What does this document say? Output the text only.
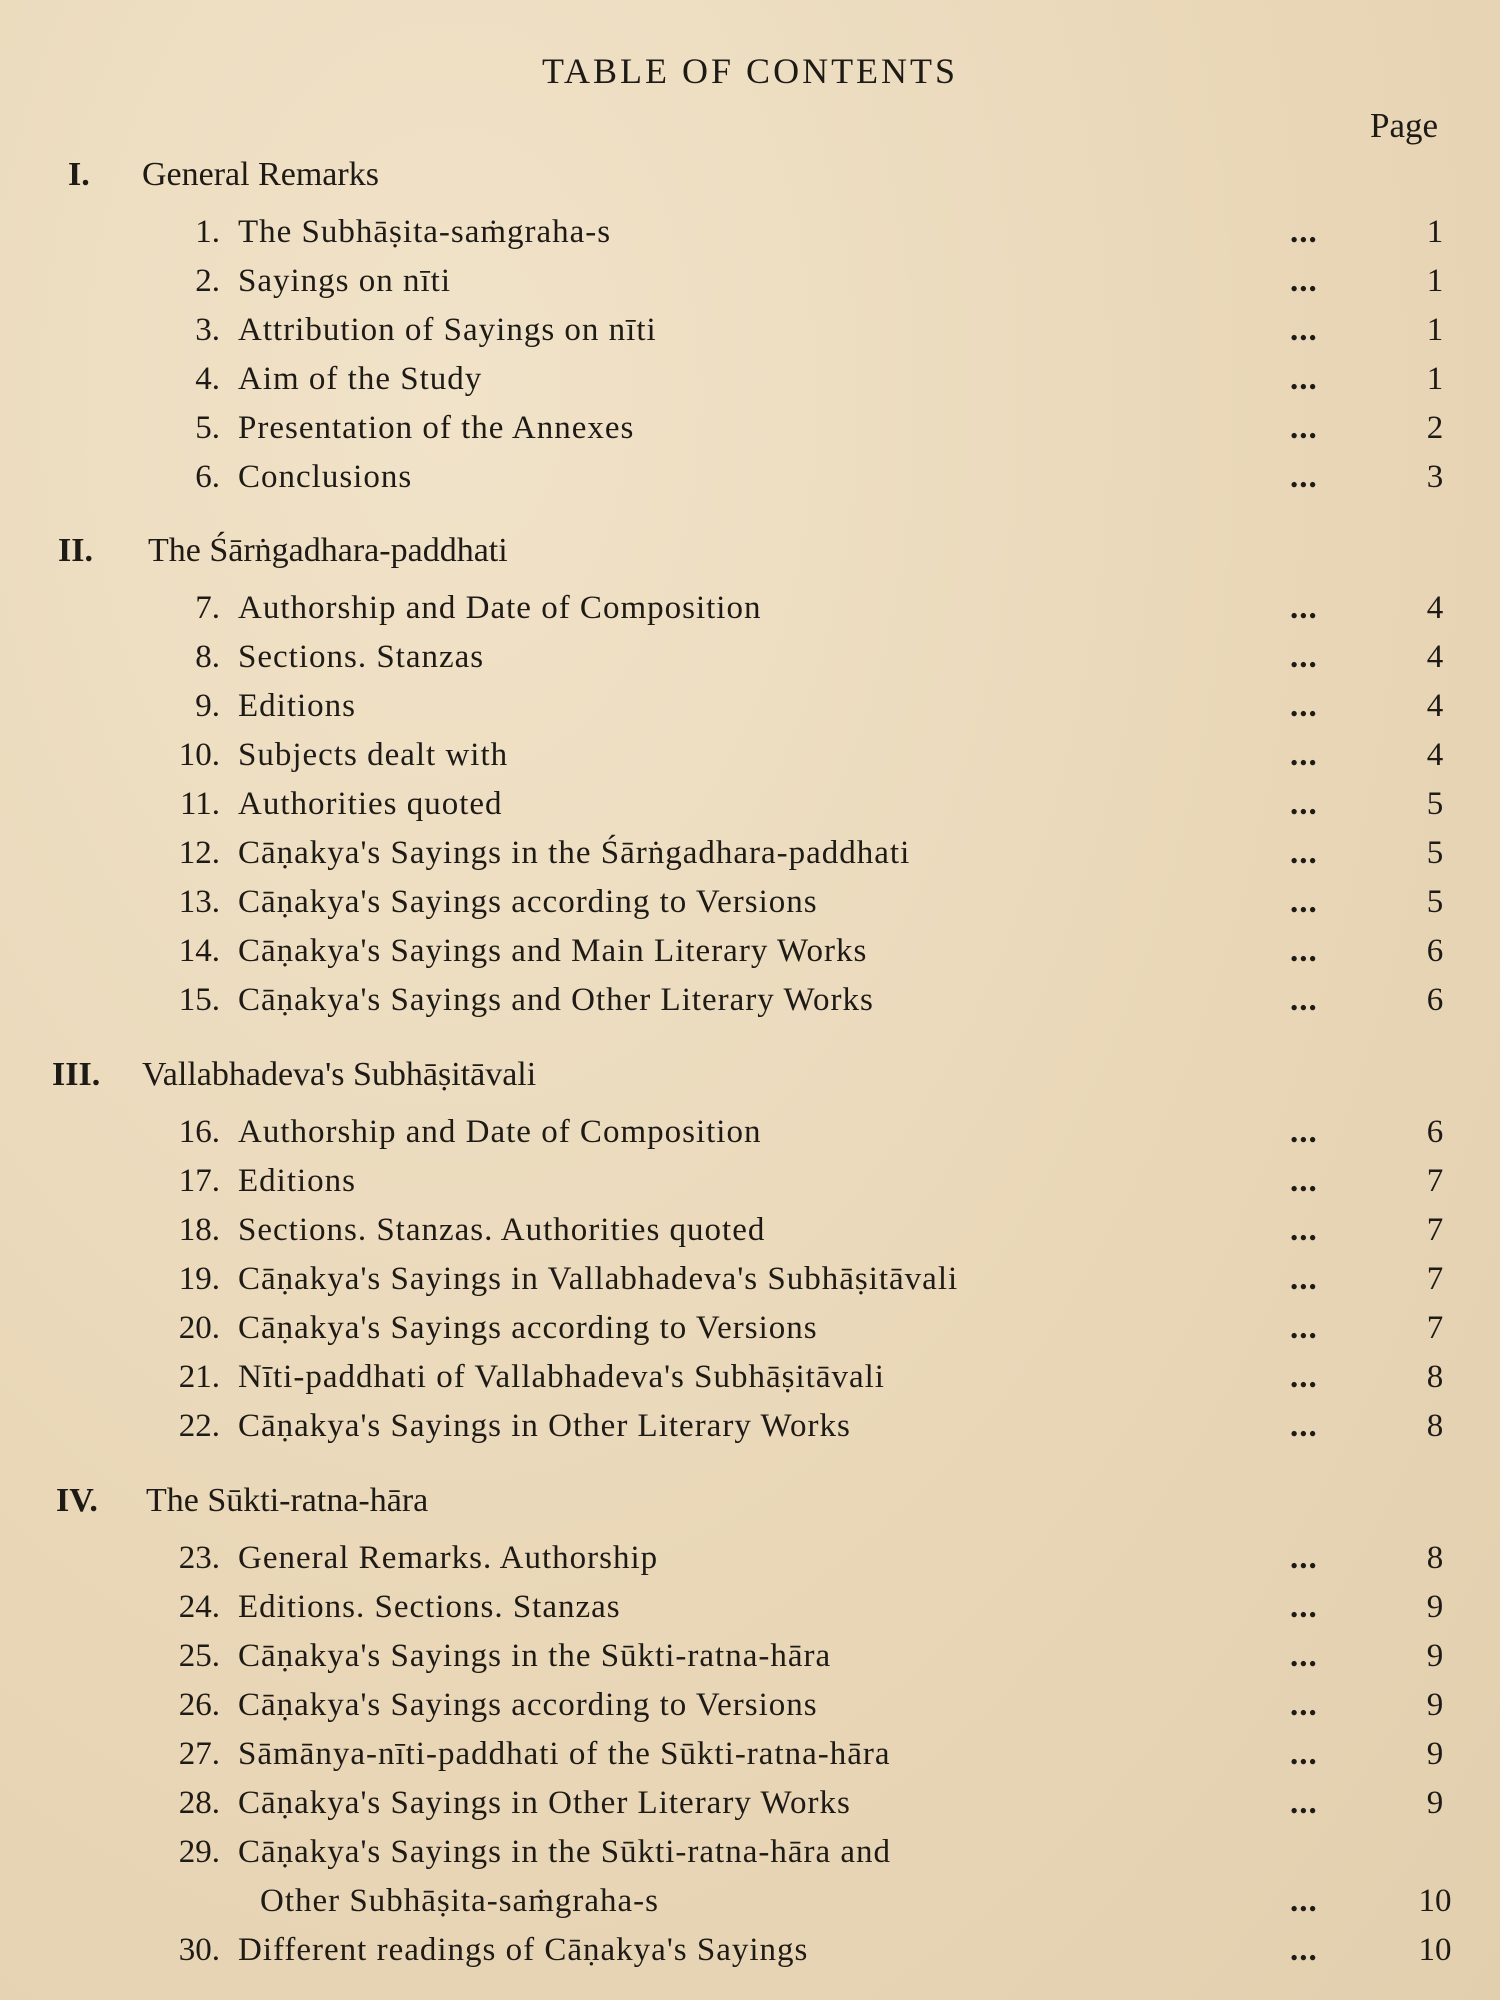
TABLE OF CONTENTS
Page
I. General Remarks
1. The Subhāṣita-saṁgraha-s	...	1
2. Sayings on nīti	...	1
3. Attribution of Sayings on nīti	...	1
4. Aim of the Study	...	1
5. Presentation of the Annexes	...	2
6. Conclusions	...	3
II. The Śārṅgadhara-paddhati
7. Authorship and Date of Composition	...	4
8. Sections. Stanzas	...	4
9. Editions	...	4
10. Subjects dealt with	...	4
11. Authorities quoted	...	5
12. Cāṇakya's Sayings in the Śārṅgadhara-paddhati	...	5
13. Cāṇakya's Sayings according to Versions	...	5
14. Cāṇakya's Sayings and Main Literary Works	...	6
15. Cāṇakya's Sayings and Other Literary Works	...	6
III. Vallabhadeva's Subhāṣitāvali
16. Authorship and Date of Composition	...	6
17. Editions	...	7
18. Sections. Stanzas. Authorities quoted	...	7
19. Cāṇakya's Sayings in Vallabhadeva's Subhāṣitāvali	...	7
20. Cāṇakya's Sayings according to Versions	...	7
21. Nīti-paddhati of Vallabhadeva's Subhāṣitāvali	...	8
22. Cāṇakya's Sayings in Other Literary Works	...	8
IV. The Sūkti-ratna-hāra
23. General Remarks. Authorship	...	8
24. Editions. Sections. Stanzas	...	9
25. Cāṇakya's Sayings in the Sūkti-ratna-hāra	...	9
26. Cāṇakya's Sayings according to Versions	...	9
27. Sāmānya-nīti-paddhati of the Sūkti-ratna-hāra	...	9
28. Cāṇakya's Sayings in Other Literary Works	...	9
29. Cāṇakya's Sayings in the Sūkti-ratna-hāra and
Other Subhāṣita-saṁgraha-s	...	10
30. Different readings of Cāṇakya's Sayings	...	10
